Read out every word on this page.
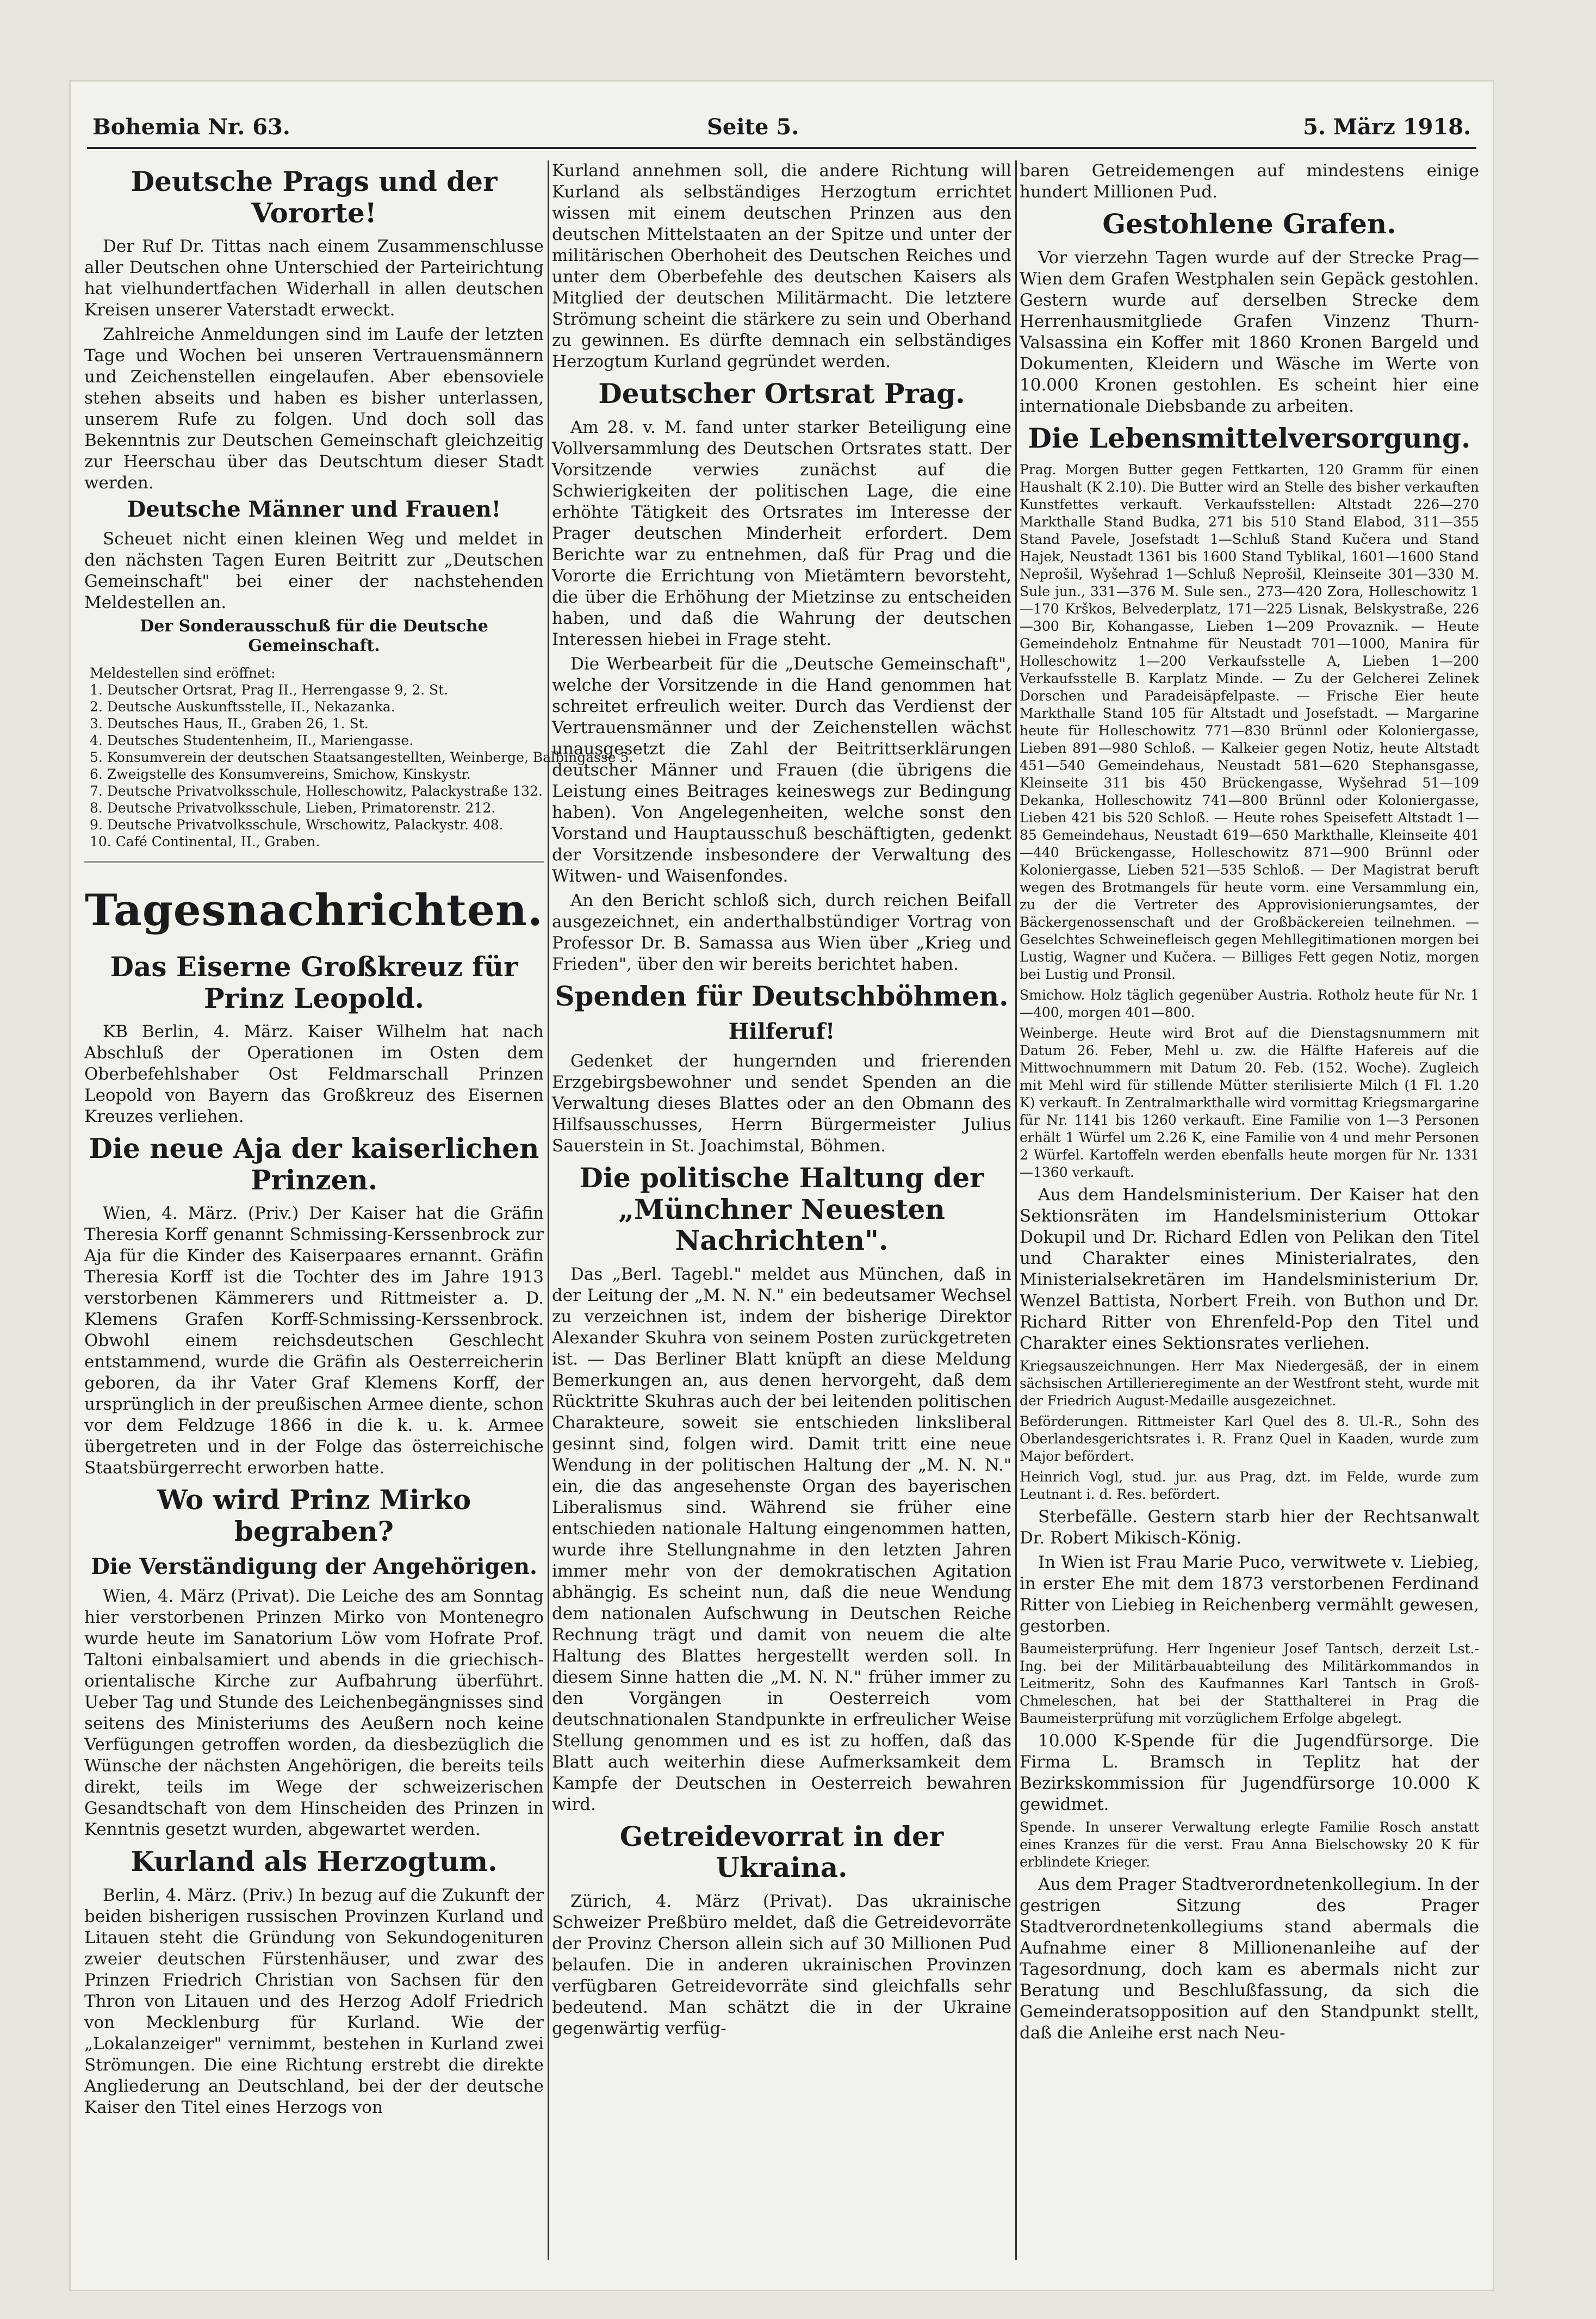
Bohemia Nr. 63.	Seite 5.	5. März 1918.
Deutsche Prags und der Vororte!

Der Ruf Dr. Tittas nach einem Zusammenschlusse aller Deutschen ohne Unterschied der Parteirichtung hat vielhundertfachen Widerhall in allen deutschen Kreisen unserer Vaterstadt erweckt.

Zahlreiche Anmeldungen sind im Laufe der letzten Tage und Wochen bei unseren Vertrauensmännern und Zeichenstellen eingelaufen. Aber ebensoviele stehen abseits und haben es bisher unterlassen, unserem Rufe zu folgen. Und doch soll das Bekenntnis zur Deutschen Gemeinschaft gleichzeitig zur Heerschau über das Deutschtum dieser Stadt werden.

Deutsche Männer und Frauen!

Scheuet nicht einen kleinen Weg und meldet in den nächsten Tagen Euren Beitritt zur „Deutschen Gemeinschaft" bei einer der nachstehenden Meldestellen an.

Der Sonderausschuß für die Deutsche Gemeinschaft.
Meldestellen sind eröffnet:
1. Deutscher Ortsrat, Prag II., Herrengasse 9, 2. St.
2. Deutsche Auskunftsstelle, II., Nekazanka.
3. Deutsches Haus, II., Graben 26, 1. St.
4. Deutsches Studentenheim, II., Mariengasse.
5. Konsumverein der deutschen Staatsangestellten, Weinberge, Balbingasse 5.
6. Zweigstelle des Konsumvereins, Smichow, Kinskystr.
7. Deutsche Privatvolksschule, Holleschowitz, Palackystraße 132.
8. Deutsche Privatvolksschule, Lieben, Primatorenstr. 212.
9. Deutsche Privatvolksschule, Wrschowitz, Palackystr. 408.
10. Café Continental, II., Graben.
Tagesnachrichten.
Das Eiserne Großkreuz für Prinz Leopold.

KB Berlin, 4. März. Kaiser Wilhelm hat nach Abschluß der Operationen im Osten dem Oberbefehlshaber Ost Feldmarschall Prinzen Leopold von Bayern das Großkreuz des Eisernen Kreuzes verliehen.

Die neue Aja der kaiserlichen Prinzen.

Wien, 4. März. (Priv.) Der Kaiser hat die Gräfin Theresia Korff genannt Schmissing-Kerssenbrock zur Aja für die Kinder des Kaiserpaares ernannt. Gräfin Theresia Korff ist die Tochter des im Jahre 1913 verstorbenen Kämmerers und Rittmeister a. D. Klemens Grafen Korff-Schmissing-Kerssenbrock. Obwohl einem reichsdeutschen Geschlecht entstammend, wurde die Gräfin als Oesterreicherin geboren, da ihr Vater Graf Klemens Korff, der ursprünglich in der preußischen Armee diente, schon vor dem Feldzuge 1866 in die k. u. k. Armee übergetreten und in der Folge das österreichische Staatsbürgerrecht erworben hatte.

Wo wird Prinz Mirko begraben?
Die Verständigung der Angehörigen.

Wien, 4. März (Privat). Die Leiche des am Sonntag hier verstorbenen Prinzen Mirko von Montenegro wurde heute im Sanatorium Löw vom Hofrate Prof. Taltoni einbalsamiert und abends in die griechisch-orientalische Kirche zur Aufbahrung überführt. Ueber Tag und Stunde des Leichenbegängnisses sind seitens des Ministeriums des Aeußern noch keine Verfügungen getroffen worden, da diesbezüglich die Wünsche der nächsten Angehörigen, die bereits teils direkt, teils im Wege der schweizerischen Gesandtschaft von dem Hinscheiden des Prinzen in Kenntnis gesetzt wurden, abgewartet werden.

Kurland als Herzogtum.

Berlin, 4. März. (Priv.) In bezug auf die Zukunft der beiden bisherigen russischen Provinzen Kurland und Litauen steht die Gründung von Sekundogenituren zweier deutschen Fürstenhäuser, und zwar des Prinzen Friedrich Christian von Sachsen für den Thron von Litauen und des Herzog Adolf Friedrich von Mecklenburg für Kurland. Wie der „Lokalanzeiger" vernimmt, bestehen in Kurland zwei Strömungen. Die eine Richtung erstrebt die direkte Angliederung an Deutschland, bei der der deutsche Kaiser den Titel eines Herzogs von

Kurland annehmen soll, die andere Richtung will Kurland als selbständiges Herzogtum errichtet wissen mit einem deutschen Prinzen aus den deutschen Mittelstaaten an der Spitze und unter der militärischen Oberhoheit des Deutschen Reiches und unter dem Oberbefehle des deutschen Kaisers als Mitglied der deutschen Militärmacht. Die letztere Strömung scheint die stärkere zu sein und Oberhand zu gewinnen. Es dürfte demnach ein selbständiges Herzogtum Kurland gegründet werden.

Deutscher Ortsrat Prag.

Am 28. v. M. fand unter starker Beteiligung eine Vollversammlung des Deutschen Ortsrates statt. Der Vorsitzende verwies zunächst auf die Schwierigkeiten der politischen Lage, die eine erhöhte Tätigkeit des Ortsrates im Interesse der Prager deutschen Minderheit erfordert. Dem Berichte war zu entnehmen, daß für Prag und die Vororte die Errichtung von Mietämtern bevorsteht, die über die Erhöhung der Mietzinse zu entscheiden haben, und daß die Wahrung der deutschen Interessen hiebei in Frage steht.

Die Werbearbeit für die „Deutsche Gemeinschaft", welche der Vorsitzende in die Hand genommen hat schreitet erfreulich weiter. Durch das Verdienst der Vertrauensmänner und der Zeichenstellen wächst unausgesetzt die Zahl der Beitrittserklärungen deutscher Männer und Frauen (die übrigens die Leistung eines Beitrages keineswegs zur Bedingung haben). Von Angelegenheiten, welche sonst den Vorstand und Hauptausschuß beschäftigten, gedenkt der Vorsitzende insbesondere der Verwaltung des Witwen- und Waisenfondes.

An den Bericht schloß sich, durch reichen Beifall ausgezeichnet, ein anderthalbstündiger Vortrag von Professor Dr. B. Samassa aus Wien über „Krieg und Frieden", über den wir bereits berichtet haben.

Spenden für Deutschböhmen.
Hilferuf!

Gedenket der hungernden und frierenden Erzgebirgsbewohner und sendet Spenden an die Verwaltung dieses Blattes oder an den Obmann des Hilfsausschusses, Herrn Bürgermeister Julius Sauerstein in St. Joachimstal, Böhmen.

Die politische Haltung der „Münchner Neuesten Nachrichten".

Das „Berl. Tagebl." meldet aus München, daß in der Leitung der „M. N. N." ein bedeutsamer Wechsel zu verzeichnen ist, indem der bisherige Direktor Alexander Skuhra von seinem Posten zurückgetreten ist. — Das Berliner Blatt knüpft an diese Meldung Bemerkungen an, aus denen hervorgeht, daß dem Rücktritte Skuhras auch der bei leitenden politischen Charakteure, soweit sie entschieden linksliberal gesinnt sind, folgen wird. Damit tritt eine neue Wendung in der politischen Haltung der „M. N. N." ein, die das angesehenste Organ des bayerischen Liberalismus sind. Während sie früher eine entschieden nationale Haltung eingenommen hatten, wurde ihre Stellungnahme in den letzten Jahren immer mehr von der demokratischen Agitation abhängig. Es scheint nun, daß die neue Wendung dem nationalen Aufschwung in Deutschen Reiche Rechnung trägt und damit von neuem die alte Haltung des Blattes hergestellt werden soll. In diesem Sinne hatten die „M. N. N." früher immer zu den Vorgängen in Oesterreich vom deutschnationalen Standpunkte in erfreulicher Weise Stellung genommen und es ist zu hoffen, daß das Blatt auch weiterhin diese Aufmerksamkeit dem Kampfe der Deutschen in Oesterreich bewahren wird.

Getreidevorrat in der Ukraina.

Zürich, 4. März (Privat). Das ukrainische Schweizer Preßbüro meldet, daß die Getreidevorräte der Provinz Cherson allein sich auf 30 Millionen Pud belaufen. Die in anderen ukrainischen Provinzen verfügbaren Getreidevorräte sind gleichfalls sehr bedeutend. Man schätzt die in der Ukraine gegenwärtig verfüg-

baren Getreidemengen auf mindestens einige hundert Millionen Pud.

Gestohlene Grafen.

Vor vierzehn Tagen wurde auf der Strecke Prag—Wien dem Grafen Westphalen sein Gepäck gestohlen. Gestern wurde auf derselben Strecke dem Herrenhausmitgliede Grafen Vinzenz Thurn-Valsassina ein Koffer mit 1860 Kronen Bargeld und Dokumenten, Kleidern und Wäsche im Werte von 10.000 Kronen gestohlen. Es scheint hier eine internationale Diebsbande zu arbeiten.

Die Lebensmittelversorgung.

Prag. Morgen Butter gegen Fettkarten, 120 Gramm für einen Haushalt (K 2.10). Die Butter wird an Stelle des bisher verkauften Kunstfettes verkauft. Verkaufsstellen: Altstadt 226—270 Markthalle Stand Budka, 271 bis 510 Stand Elabod, 311—355 Stand Pavele, Josefstadt 1—Schluß Stand Kučera und Stand Hajek, Neustadt 1361 bis 1600 Stand Tyblikal, 1601—1600 Stand Neprošil, Wyšehrad 1—Schluß Neprošil, Kleinseite 301—330 M. Sule jun., 331—376 M. Sule sen., 273—420 Zora, Holleschowitz 1—170 Krškos, Belvederplatz, 171—225 Lisnak, Belskystraße, 226—300 Bir, Kohangasse, Lieben 1—209 Provaznik. — Heute Gemeindeholz Entnahme für Neustadt 701—1000, Manira für Holleschowitz 1—200 Verkaufsstelle A, Lieben 1—200 Verkaufsstelle B. Karplatz Minde. — Zu der Gelcherei Zelinek Dorschen und Paradeisäpfelpaste. — Frische Eier heute Markthalle Stand 105 für Altstadt und Josefstadt. — Margarine heute für Holleschowitz 771—830 Brünnl oder Koloniergasse, Lieben 891—980 Schloß. — Kalkeier gegen Notiz, heute Altstadt 451—540 Gemeindehaus, Neustadt 581—620 Stephansgasse, Kleinseite 311 bis 450 Brückengasse, Wyšehrad 51—109 Dekanka, Holleschowitz 741—800 Brünnl oder Koloniergasse, Lieben 421 bis 520 Schloß. — Heute rohes Speisefett Altstadt 1—85 Gemeindehaus, Neustadt 619—650 Markthalle, Kleinseite 401—440 Brückengasse, Holleschowitz 871—900 Brünnl oder Koloniergasse, Lieben 521—535 Schloß. — Der Magistrat beruft wegen des Brotmangels für heute vorm. eine Versammlung ein, zu der die Vertreter des Approvisionierungsamtes, der Bäckergenossenschaft und der Großbäckereien teilnehmen. — Geselchtes Schweinefleisch gegen Mehllegitimationen morgen bei Lustig, Wagner und Kučera. — Billiges Fett gegen Notiz, morgen bei Lustig und Pronsil.

Smichow. Holz täglich gegenüber Austria. Rotholz heute für Nr. 1—400, morgen 401—800.

Weinberge. Heute wird Brot auf die Dienstagsnummern mit Datum 26. Feber, Mehl u. zw. die Hälfte Hafereis auf die Mittwochnummern mit Datum 20. Feb. (152. Woche). Zugleich mit Mehl wird für stillende Mütter sterilisierte Milch (1 Fl. 1.20 K) verkauft. In Zentralmarkthalle wird vormittag Kriegsmargarine für Nr. 1141 bis 1260 verkauft. Eine Familie von 1—3 Personen erhält 1 Würfel um 2.26 K, eine Familie von 4 und mehr Personen 2 Würfel. Kartoffeln werden ebenfalls heute morgen für Nr. 1331—1360 verkauft.

Aus dem Handelsministerium. Der Kaiser hat den Sektionsräten im Handelsministerium Ottokar Dokupil und Dr. Richard Edlen von Pelikan den Titel und Charakter eines Ministerialrates, den Ministerialsekretären im Handelsministerium Dr. Wenzel Battista, Norbert Freih. von Buthon und Dr. Richard Ritter von Ehrenfeld-Pop den Titel und Charakter eines Sektionsrates verliehen.

Kriegsauszeichnungen. Herr Max Niedergesäß, der in einem sächsischen Artillerieregimente an der Westfront steht, wurde mit der Friedrich August-Medaille ausgezeichnet.

Beförderungen. Rittmeister Karl Quel des 8. Ul.-R., Sohn des Oberlandesgerichtsrates i. R. Franz Quel in Kaaden, wurde zum Major befördert.

Heinrich Vogl, stud. jur. aus Prag, dzt. im Felde, wurde zum Leutnant i. d. Res. befördert.

Sterbefälle. Gestern starb hier der Rechtsanwalt Dr. Robert Mikisch-König.

In Wien ist Frau Marie Puco, verwitwete v. Liebieg, in erster Ehe mit dem 1873 verstorbenen Ferdinand Ritter von Liebieg in Reichenberg vermählt gewesen, gestorben.

Baumeisterprüfung. Herr Ingenieur Josef Tantsch, derzeit Lst.-Ing. bei der Militärbauabteilung des Militärkommandos in Leitmeritz, Sohn des Kaufmannes Karl Tantsch in Groß-Chmeleschen, hat bei der Statthalterei in Prag die Baumeisterprüfung mit vorzüglichem Erfolge abgelegt.

10.000 K-Spende für die Jugendfürsorge. Die Firma L. Bramsch in Teplitz hat der Bezirkskommission für Jugendfürsorge 10.000 K gewidmet.

Spende. In unserer Verwaltung erlegte Familie Rosch anstatt eines Kranzes für die verst. Frau Anna Bielschowsky 20 K für erblindete Krieger.

Aus dem Prager Stadtverordnetenkollegium. In der gestrigen Sitzung des Prager Stadtverordnetenkollegiums stand abermals die Aufnahme einer 8 Millionenanleihe auf der Tagesordnung, doch kam es abermals nicht zur Beratung und Beschlußfassung, da sich die Gemeinderatsopposition auf den Standpunkt stellt, daß die Anleihe erst nach Neu-
